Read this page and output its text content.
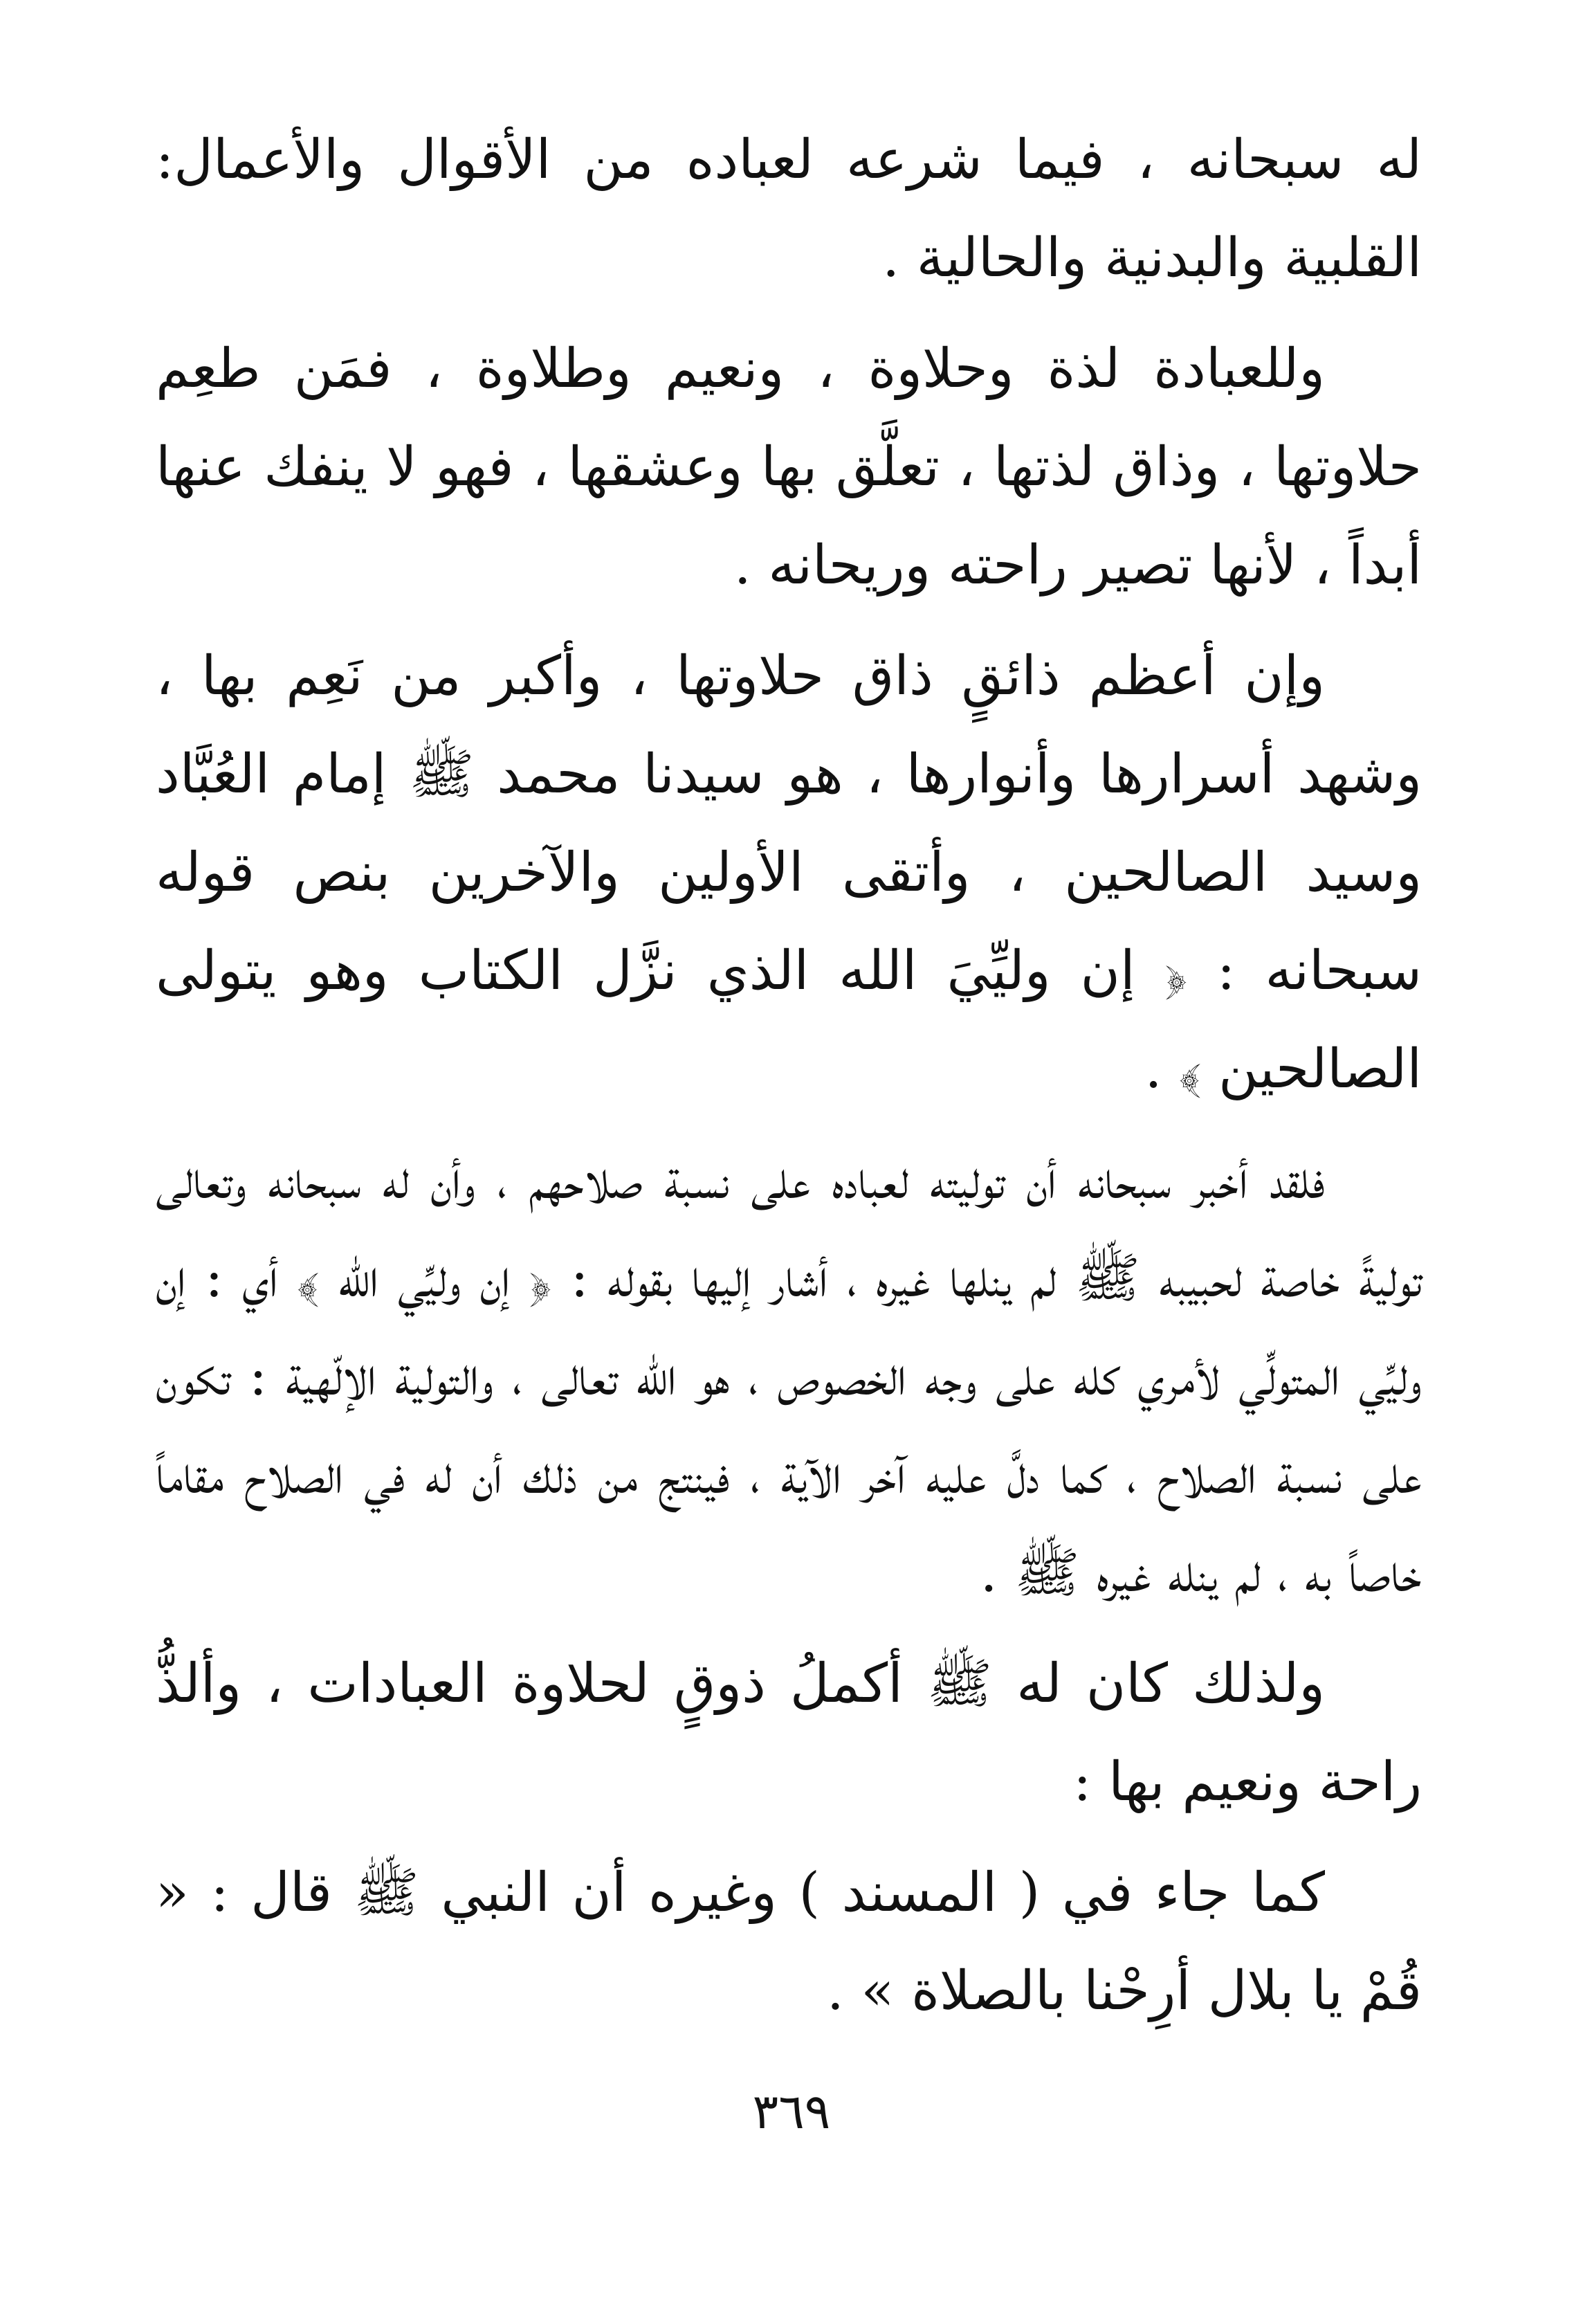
له سبحانه ، فيما شرعه لعباده من الأقوال والأعمال: القلبية والبدنية والحالية .

وللعبادة لذة وحلاوة ، ونعيم وطلاوة ، فمَن طعِم حلاوتها ، وذاق لذتها ، تعلَّق بها وعشقها ، فهو لا ينفك عنها أبداً ، لأنها تصير راحته وريحانه .

وإن أعظم ذائقٍ ذاق حلاوتها ، وأكبر من نَعِم بها ، وشهد أسرارها وأنوارها ، هو سيدنا محمد ﷺ إمام العُبَّاد وسيد الصالحين ، وأتقى الأولين والآخرين بنص قوله سبحانه : ﴿ إن وليِّيَ الله الذي نزَّل الكتاب وهو يتولى الصالحين ﴾ .

فلقد أخبر سبحانه أن توليته لعباده على نسبة صلاحهم ، وأن له سبحانه وتعالى توليةً خاصة لحبيبه ﷺ لم ينلها غيره ، أشار إليها بقوله : ﴿ إن وليِّي الله ﴾ أي : إن وليِّي المتولِّي لأمري كله على وجه الخصوص ، هو الله تعالى ، والتولية الإلّهية : تكون على نسبة الصلاح ، كما دلَّ عليه آخر الآية ، فينتج من ذلك أن له في الصلاح مقاماً خاصاً به ، لم ينله غيره ﷺ .

ولذلك كان له ﷺ أكملُ ذوقٍ لحلاوة العبادات ، وألذُّ راحة ونعيم بها :

كما جاء في ( المسند ) وغيره أن النبي ﷺ قال : « قُمْ يا بلال أرِحْنا بالصلاة » .

٣٦٩
